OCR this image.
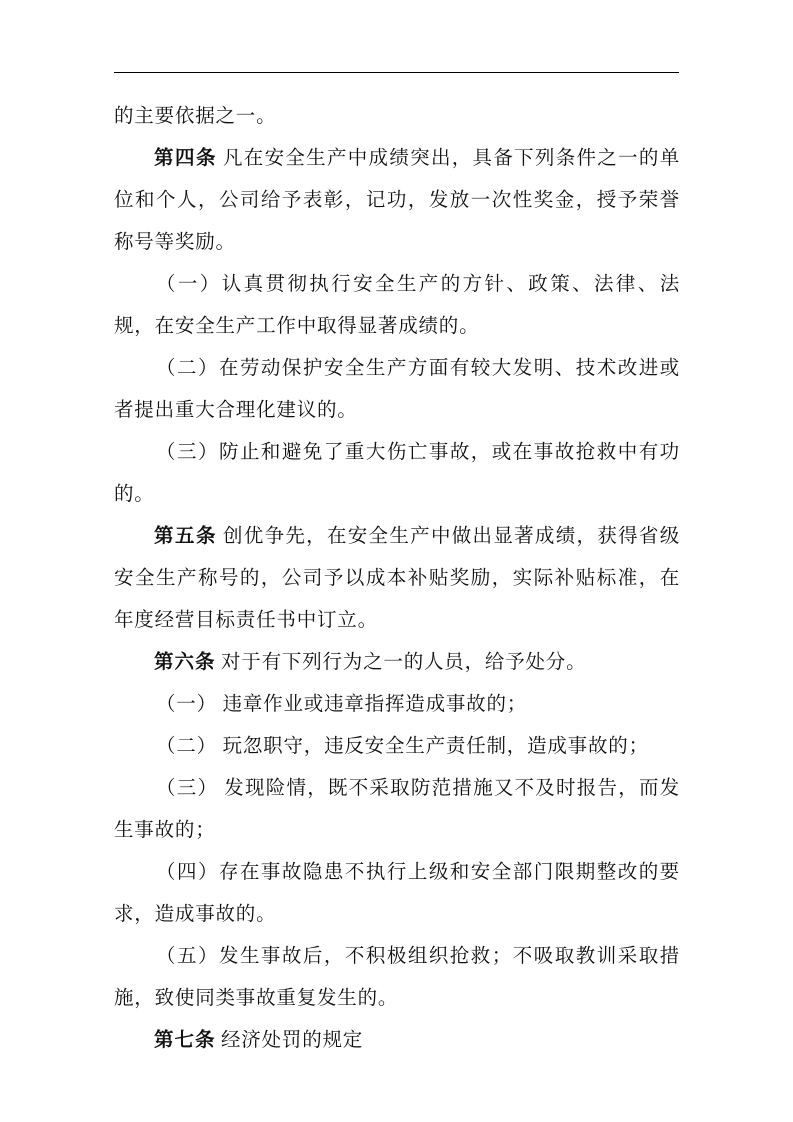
的主要依据之一。

第四条 凡在安全生产中成绩突出，具备下列条件之一的单位和个人，公司给予表彰，记功，发放一次性奖金，授予荣誉称号等奖励。

（一）认真贯彻执行安全生产的方针、政策、法律、法规，在安全生产工作中取得显著成绩的。

（二）在劳动保护安全生产方面有较大发明、技术改进或者提出重大合理化建议的。

（三）防止和避免了重大伤亡事故，或在事故抢救中有功的。

第五条 创优争先，在安全生产中做出显著成绩，获得省级安全生产称号的，公司予以成本补贴奖励，实际补贴标准，在年度经营目标责任书中订立。

第六条 对于有下列行为之一的人员，给予处分。

（一） 违章作业或违章指挥造成事故的；

（二） 玩忽职守，违反安全生产责任制，造成事故的；

（三） 发现险情，既不采取防范措施又不及时报告，而发生事故的；

（四）存在事故隐患不执行上级和安全部门限期整改的要求，造成事故的。

（五）发生事故后，不积极组织抢救；不吸取教训采取措施，致使同类事故重复发生的。

第七条 经济处罚的规定
